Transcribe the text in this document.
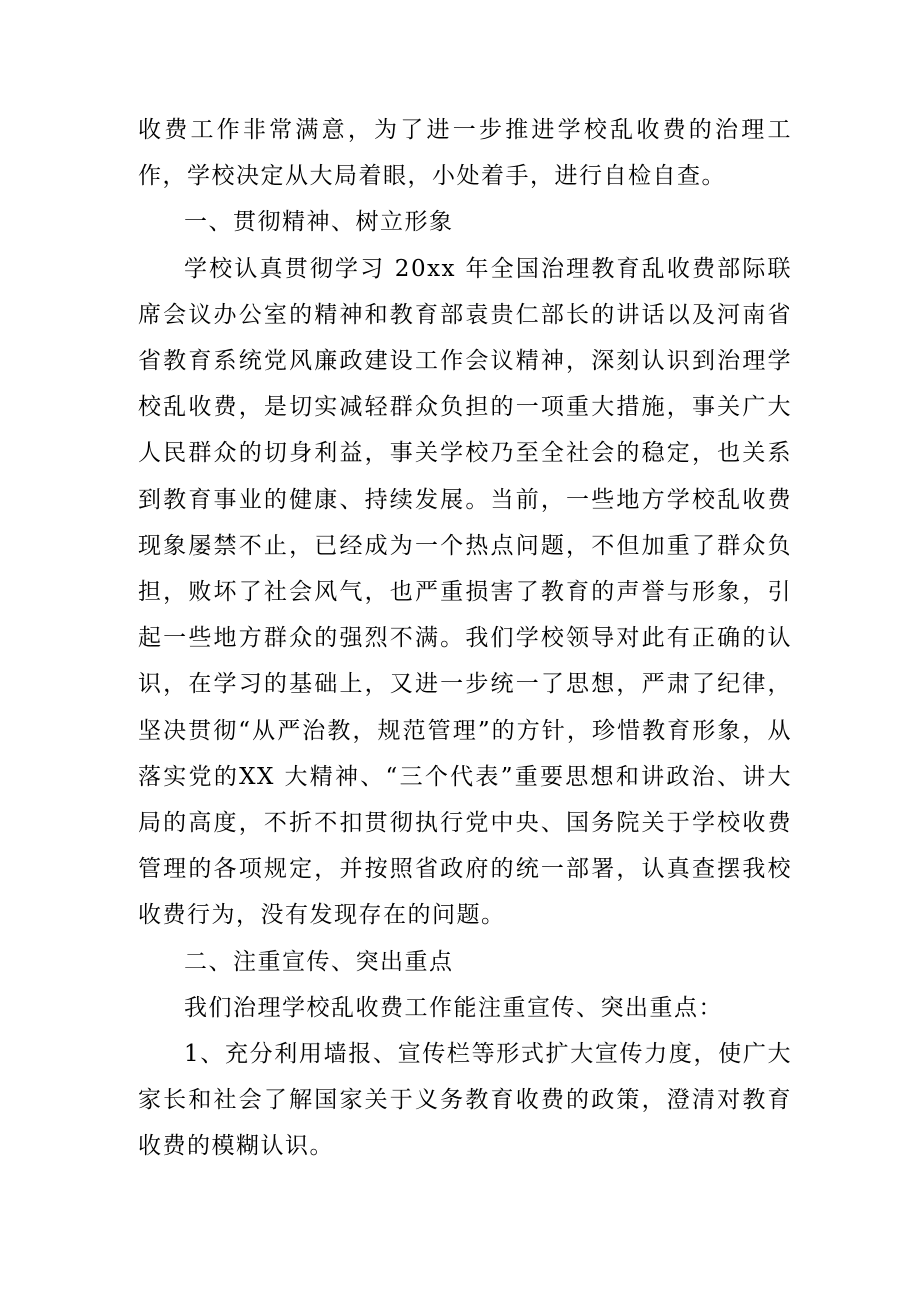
收费工作非常满意，为了进一步推进学校乱收费的治理工作，学校决定从大局着眼，小处着手，进行自检自查。

一、贯彻精神、树立形象

学校认真贯彻学习 20xx 年全国治理教育乱收费部际联席会议办公室的精神和教育部袁贵仁部长的讲话以及河南省省教育系统党风廉政建设工作会议精神，深刻认识到治理学校乱收费，是切实减轻群众负担的一项重大措施，事关广大人民群众的切身利益，事关学校乃至全社会的稳定，也关系到教育事业的健康、持续发展。当前，一些地方学校乱收费现象屡禁不止，已经成为一个热点问题，不但加重了群众负担，败坏了社会风气，也严重损害了教育的声誉与形象，引起一些地方群众的强烈不满。我们学校领导对此有正确的认识，在学习的基础上，又进一步统一了思想，严肃了纪律，坚决贯彻“从严治教，规范管理”的方针，珍惜教育形象，从落实党的XX 大精神、“三个代表”重要思想和讲政治、讲大局的高度，不折不扣贯彻执行党中央、国务院关于学校收费管理的各项规定，并按照省政府的统一部署，认真查摆我校收费行为，没有发现存在的问题。

二、注重宣传、突出重点

我们治理学校乱收费工作能注重宣传、突出重点：

1、充分利用墙报、宣传栏等形式扩大宣传力度，使广大家长和社会了解国家关于义务教育收费的政策，澄清对教育收费的模糊认识。
